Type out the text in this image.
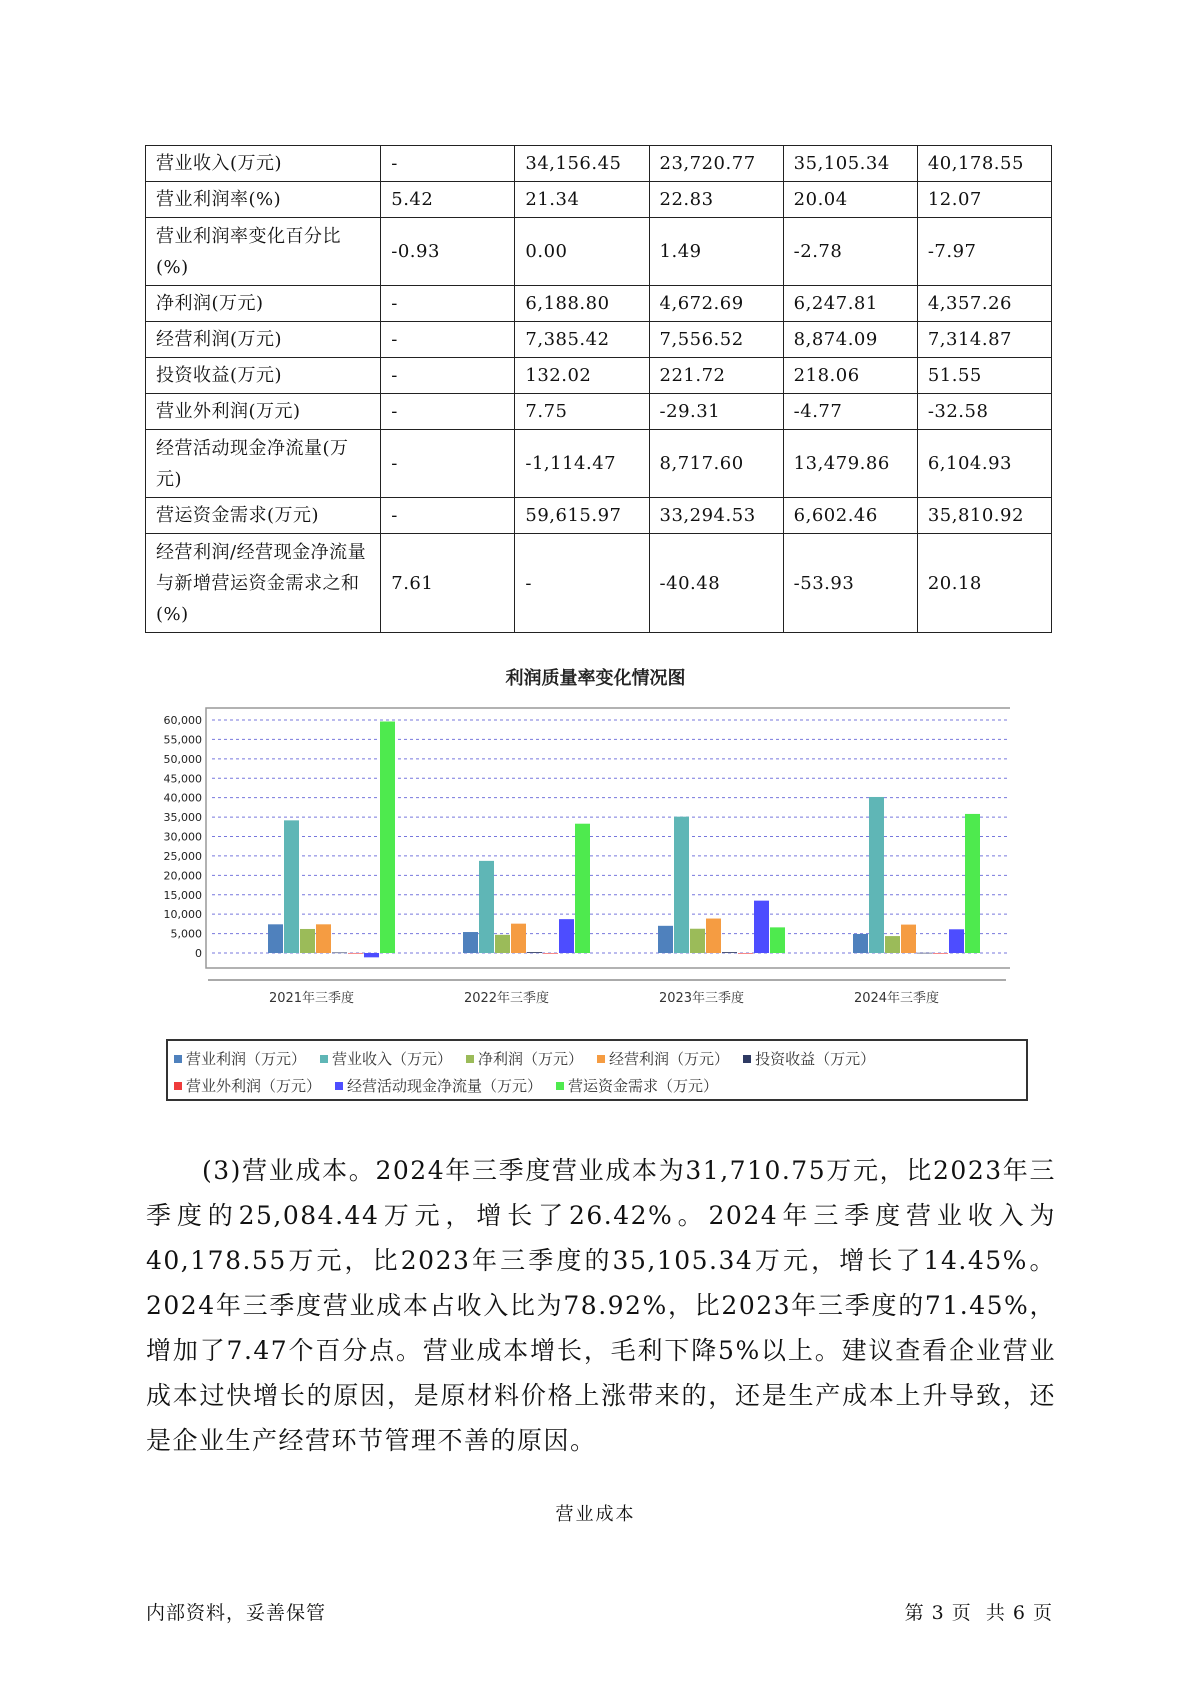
营业收入(万元)	-	34,156.45	23,720.77	35,105.34	40,178.55
营业利润率(%)	5.42	21.34	22.83	20.04	12.07
营业利润率变化百分比(%)	-0.93	0.00	1.49	-2.78	-7.97
净利润(万元)	-	6,188.80	4,672.69	6,247.81	4,357.26
经营利润(万元)	-	7,385.42	7,556.52	8,874.09	7,314.87
投资收益(万元)	-	132.02	221.72	218.06	51.55
营业外利润(万元)	-	7.75	-29.31	-4.77	-32.58
经营活动现金净流量(万元)	-	-1,114.47	8,717.60	13,479.86	6,104.93
营运资金需求(万元)	-	59,615.97	33,294.53	6,602.46	35,810.92
经营利润/经营现金净流量与新增营运资金需求之和(%)	7.61	-	-40.48	-53.93	20.18
利润质量率变化情况图
0
5,000
10,000
15,000
20,000
25,000
30,000
35,000
40,000
45,000
50,000
55,000
60,000
2021年三季度	2022年三季度	2023年三季度	2024年三季度
营业利润（万元） 营业收入（万元） 净利润（万元） 经营利润（万元） 投资收益（万元）
营业外利润（万元） 经营活动现金净流量（万元） 营运资金需求（万元）
(3)营业成本。2024年三季度营业成本为31,710.75万元，比2023年三季度的25,084.44万元，增长了26.42%。2024年三季度营业收入为40,178.55万元，比2023年三季度的35,105.34万元，增长了14.45%。2024年三季度营业成本占收入比为78.92%，比2023年三季度的71.45%，增加了7.47个百分点。营业成本增长，毛利下降5%以上。建议查看企业营业成本过快增长的原因，是原材料价格上涨带来的，还是生产成本上升导致，还是企业生产经营环节管理不善的原因。
营业成本
内部资料，妥善保管	第 3 页  共 6 页
